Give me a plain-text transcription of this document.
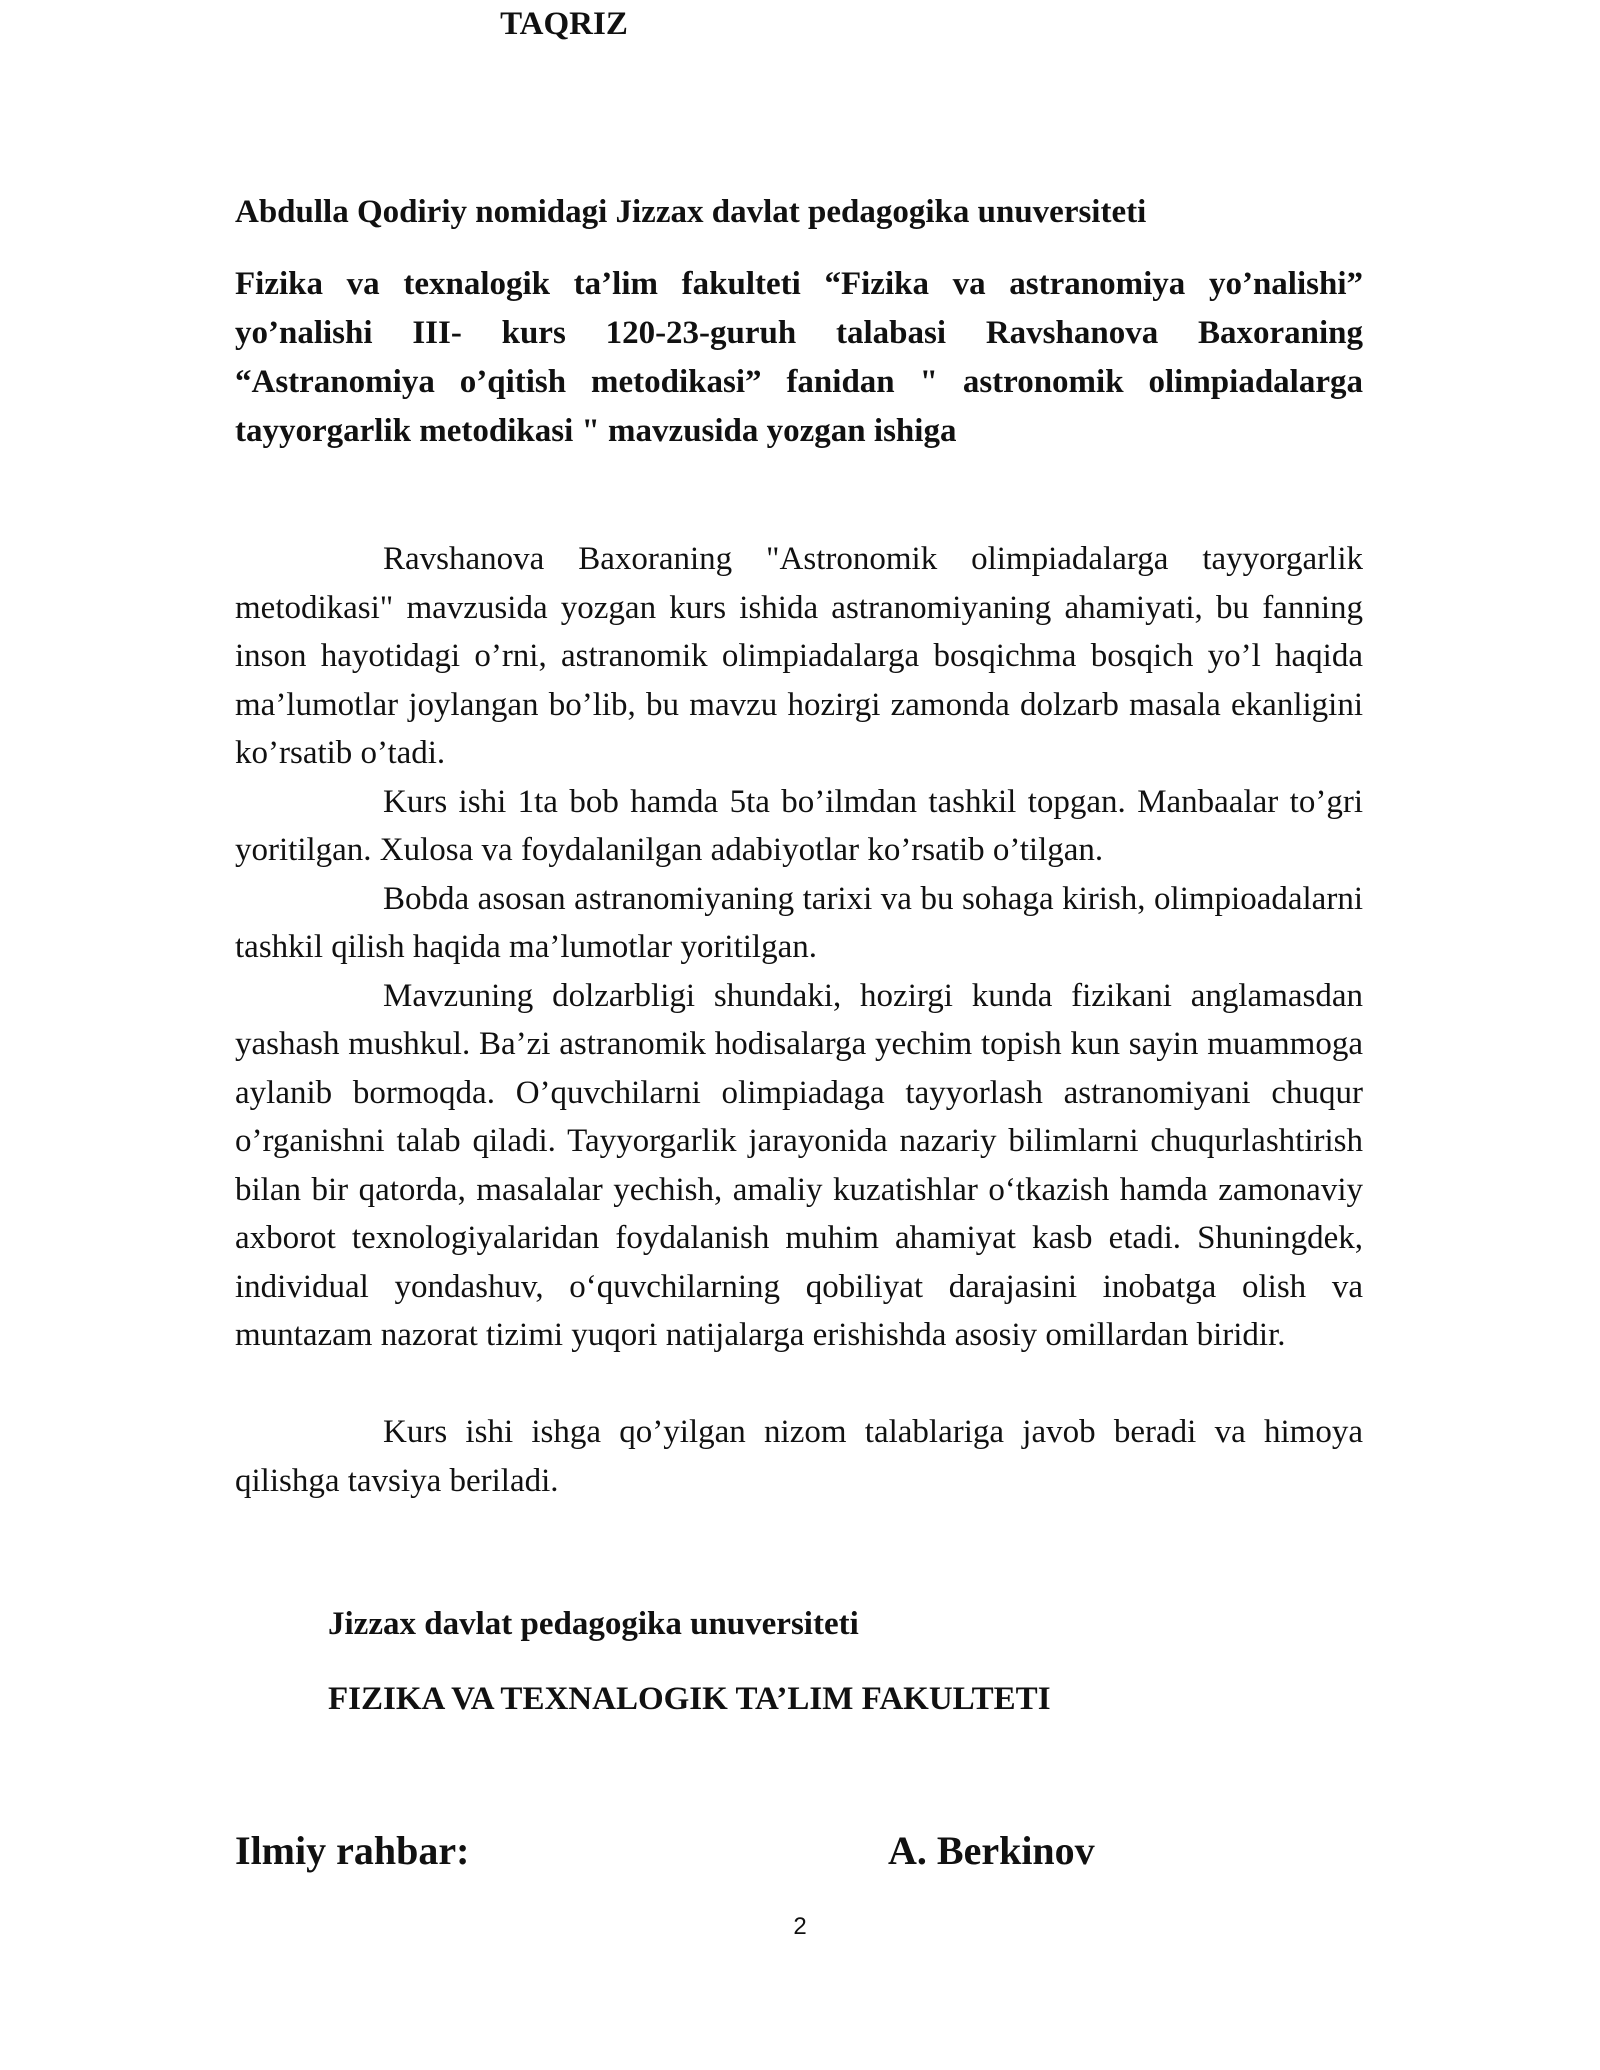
Abdulla Qodiriy nomidagi Jizzax davlat pedagogika unuversiteti
Fizika va texnalogik ta’lim fakulteti “Fizika va astranomiya yo’nalishi” yo’nalishi III- kurs 120-23-guruh talabasi Ravshanova Baxoraning “Astranomiya o’qitish metodikasi” fanidan " astronomik olimpiadalarga tayyorgarlik metodikasi " mavzusida yozgan ishiga
TAQRIZ

Ravshanova Baxoraning "Astronomik olimpiadalarga tayyorgarlik metodikasi" mavzusida yozgan kurs ishida astranomiyaning ahamiyati, bu fanning inson hayotidagi o’rni, astranomik olimpiadalarga bosqichma bosqich yo’l haqida ma’lumotlar joylangan bo’lib, bu mavzu hozirgi zamonda dolzarb masala ekanligini ko’rsatib o’tadi.

Kurs ishi 1ta bob hamda 5ta bo’ilmdan tashkil topgan. Manbaalar to’gri yoritilgan. Xulosa va foydalanilgan adabiyotlar ko’rsatib o’tilgan.

Bobda asosan astranomiyaning tarixi va bu sohaga kirish, olimpioadalarni tashkil qilish haqida ma’lumotlar yoritilgan.

Mavzuning dolzarbligi shundaki, hozirgi kunda fizikani anglamasdan yashash mushkul. Ba’zi astranomik hodisalarga yechim topish kun sayin muammoga aylanib bormoqda. O’quvchilarni olimpiadaga tayyorlash astranomiyani chuqur o’rganishni talab qiladi. Tayyorgarlik jarayonida nazariy bilimlarni chuqurlashtirish bilan bir qatorda, masalalar yechish, amaliy kuzatishlar o‘tkazish hamda zamonaviy axborot texnologiyalaridan foydalanish muhim ahamiyat kasb etadi. Shuningdek, individual yondashuv, o‘quvchilarning qobiliyat darajasini inobatga olish va muntazam nazorat tizimi yuqori natijalarga erishishda asosiy omillardan biridir.

Kurs ishi ishga qo’yilgan nizom talablariga javob beradi va himoya qilishga tavsiya beriladi.

Jizzax davlat pedagogika unuversiteti
FIZIKA VA TEXNALOGIK TA’LIM FAKULTETI
Ilmiy rahbar:	A. Berkinov
2
